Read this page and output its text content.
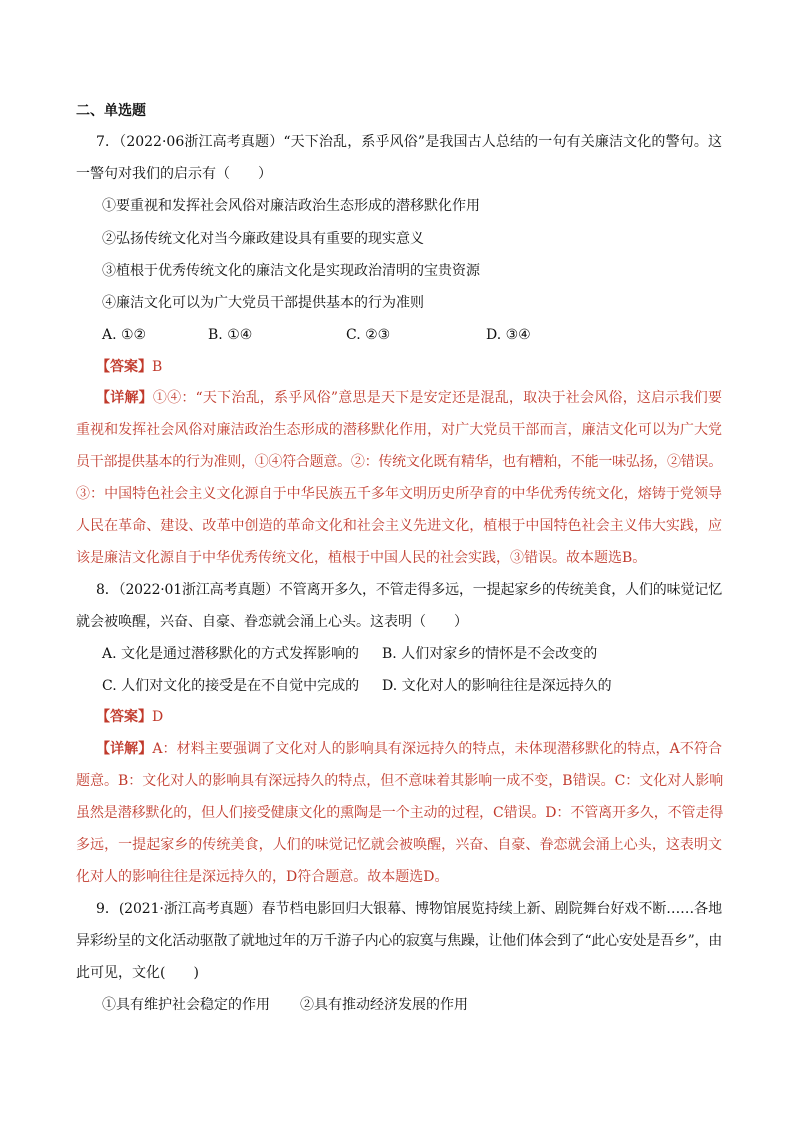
二、单选题
7．（2022·06浙江高考真题）“天下治乱，系乎风俗”是我国古人总结的一句有关廉洁文化的警句。这
一警句对我们的启示有（　　）
①要重视和发挥社会风俗对廉洁政治生态形成的潜移默化作用
②弘扬传统文化对当今廉政建设具有重要的现实意义
③植根于优秀传统文化的廉洁文化是实现政治清明的宝贵资源
④廉洁文化可以为广大党员干部提供基本的行为准则
A. ①②	B. ①④	C. ②③	D. ③④
【答案】B
【详解】①④：“天下治乱，系乎风俗”意思是天下是安定还是混乱，取决于社会风俗，这启示我们要
重视和发挥社会风俗对廉洁政治生态形成的潜移默化作用，对广大党员干部而言，廉洁文化可以为广大党
员干部提供基本的行为准则，①④符合题意。②：传统文化既有精华，也有糟粕，不能一味弘扬，②错误。
③：中国特色社会主义文化源自于中华民族五千多年文明历史所孕育的中华优秀传统文化，熔铸于党领导
人民在革命、建设、改革中创造的革命文化和社会主义先进文化，植根于中国特色社会主义伟大实践，应
该是廉洁文化源自于中华优秀传统文化，植根于中国人民的社会实践，③错误。故本题选B。
8．（2022·01浙江高考真题）不管离开多久，不管走得多远，一提起家乡的传统美食，人们的味觉记忆
就会被唤醒，兴奋、自豪、眷恋就会涌上心头。这表明（　　）
A. 文化是通过潜移默化的方式发挥影响的 B. 人们对家乡的情怀是不会改变的
C. 人们对文化的接受是在不自觉中完成的 D. 文化对人的影响往往是深远持久的
【答案】D
【详解】A：材料主要强调了文化对人的影响具有深远持久的特点，未体现潜移默化的特点，A不符合
题意。B：文化对人的影响具有深远持久的特点，但不意味着其影响一成不变，B错误。C：文化对人影响
虽然是潜移默化的，但人们接受健康文化的熏陶是一个主动的过程，C错误。D：不管离开多久，不管走得
多远，一提起家乡的传统美食，人们的味觉记忆就会被唤醒，兴奋、自豪、眷恋就会涌上心头，这表明文
化对人的影响往往是深远持久的，D符合题意。故本题选D。
9．(2021·浙江高考真题）春节档电影回归大银幕、博物馆展览持续上新、剧院舞台好戏不断……各地
异彩纷呈的文化活动驱散了就地过年的万千游子内心的寂寞与焦躁，让他们体会到了“此心安处是吾乡”，由
此可见，文化(　　)
①具有维护社会稳定的作用 ②具有推动经济发展的作用
